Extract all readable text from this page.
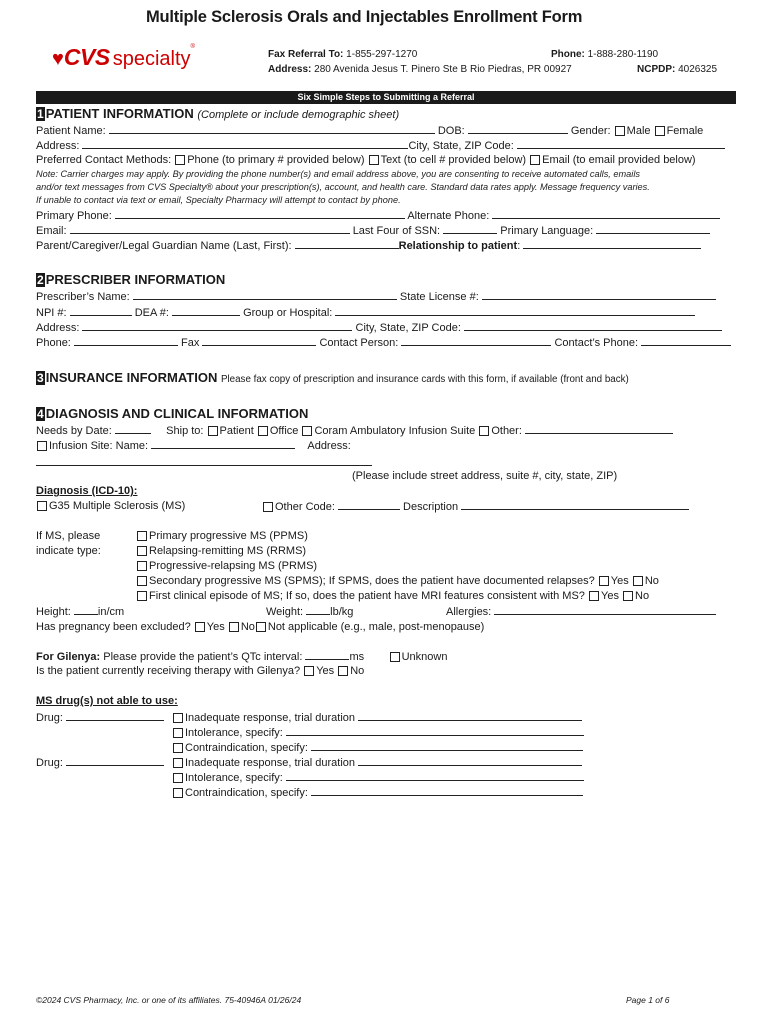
Multiple Sclerosis Orals and Injectables Enrollment Form
♥CVS specialty®
Fax Referral To: 1-855-297-1270	Phone: 1-888-280-1190
Address: 280 Avenida Jesus T. Pinero Ste B Rio Piedras, PR 00927	NCPDP: 4026325
Six Simple Steps to Submitting a Referral
1 PATIENT INFORMATION (Complete or include demographic sheet)
Patient Name:	DOB:	Gender: Male Female
Address:	City, State, ZIP Code:
Preferred Contact Methods: Phone (to primary # provided below) Text (to cell # provided below) Email (to email provided below)
Note: Carrier charges may apply. By providing the phone number(s) and email address above, you are consenting to receive automated calls, emails
and/or text messages from CVS Specialty® about your prescription(s), account, and health care. Standard data rates apply. Message frequency varies.
If unable to contact via text or email, Specialty Pharmacy will attempt to contact by phone.
Primary Phone:	Alternate Phone:
Email:	Last Four of SSN:	Primary Language:
Parent/Caregiver/Legal Guardian Name (Last, First):	Relationship to patient:
2 PRESCRIBER INFORMATION
Prescriber’s Name:	State License #:
NPI #:	DEA #:	Group or Hospital:
Address:	City, State, ZIP Code:
Phone:	Fax	Contact Person:	Contact’s Phone:
3 INSURANCE INFORMATION Please fax copy of prescription and insurance cards with this form, if available (front and back)
4 DIAGNOSIS AND CLINICAL INFORMATION
Needs by Date:	Ship to: Patient Office Coram Ambulatory Infusion Suite Other:
Infusion Site: Name:	Address:
(Please include street address, suite #, city, state, ZIP)
Diagnosis (ICD-10):
G35 Multiple Sclerosis (MS)	Other Code:	Description
If MS, please
indicate type:
Primary progressive MS (PPMS)
Relapsing-remitting MS (RRMS)
Progressive-relapsing MS (PRMS)
Secondary progressive MS (SPMS); If SPMS, does the patient have documented relapses? Yes No
First clinical episode of MS; If so, does the patient have MRI features consistent with MS? Yes No
Height: in/cm	Weight: lb/kg	Allergies:
Has pregnancy been excluded? Yes No Not applicable (e.g., male, post-menopause)
For Gilenya: Please provide the patient’s QTc interval:	ms	Unknown
Is the patient currently receiving therapy with Gilenya? Yes No
MS drug(s) not able to use:
Drug:	Inadequate response, trial duration
Intolerance, specify:
Contraindication, specify:
Drug:	Inadequate response, trial duration
Intolerance, specify:
Contraindication, specify:
©2024 CVS Pharmacy, Inc. or one of its affiliates. 75-40946A 01/26/24	Page 1 of 6
